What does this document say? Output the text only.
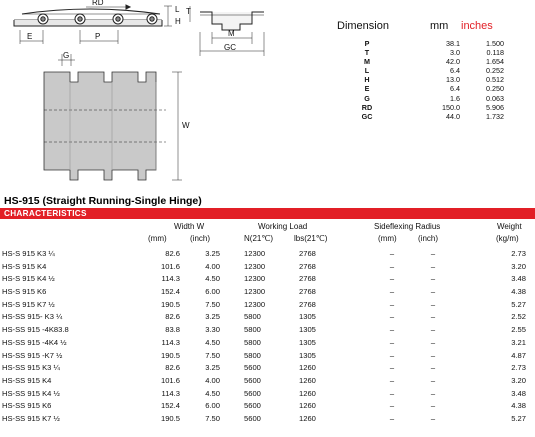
RD
L
H
E	P
T
M
GC
G
W
Dimension	mm inches
P	38.1	1.500
T	3.0	0.118
M	42.0	1.654
L	6.4	0.252
H	13.0	0.512
E	6.4	0.250
G	1.6	0.063
RD	150.0	5.906
GC	44.0	1.732
HS-915 (Straight Running-Single Hinge)
CHARACTERISTICS
Width W
(mm)	(inch)
Working Load
N(21℃)	lbs(21℃)
Sideflexing Radius
(mm)	(inch)
Weight
(kg/m)
HS-S 915 K3 ¼	82.6	3.25	12300	2768	–	–	2.73
HS-S 915 K4	101.6	4.00	12300	2768	–	–	3.20
HS-S 915 K4 ½	114.3	4.50	12300	2768	–	–	3.48
HS-S 915 K6	152.4	6.00	12300	2768	–	–	4.38
HS-S 915 K7 ½	190.5	7.50	12300	2768	–	–	5.27
HS-SS 915- K3 ¼	82.6	3.25	5800	1305	–	–	2.52
HS-SS 915 -4K83.8	83.8	3.30	5800	1305	–	–	2.55
HS-SS 915 -4K4 ½	114.3	4.50	5800	1305	–	–	3.21
HS-SS 915 -K7 ½	190.5	7.50	5800	1305	–	–	4.87
HS-SS 915 K3 ¼	82.6	3.25	5600	1260	–	–	2.73
HS-SS 915 K4	101.6	4.00	5600	1260	–	–	3.20
HS-SS 915 K4 ½	114.3	4.50	5600	1260	–	–	3.48
HS-SS 915 K6	152.4	6.00	5600	1260	–	–	4.38
HS-SS 915 K7 ½	190.5	7.50	5600	1260	–	–	5.27
